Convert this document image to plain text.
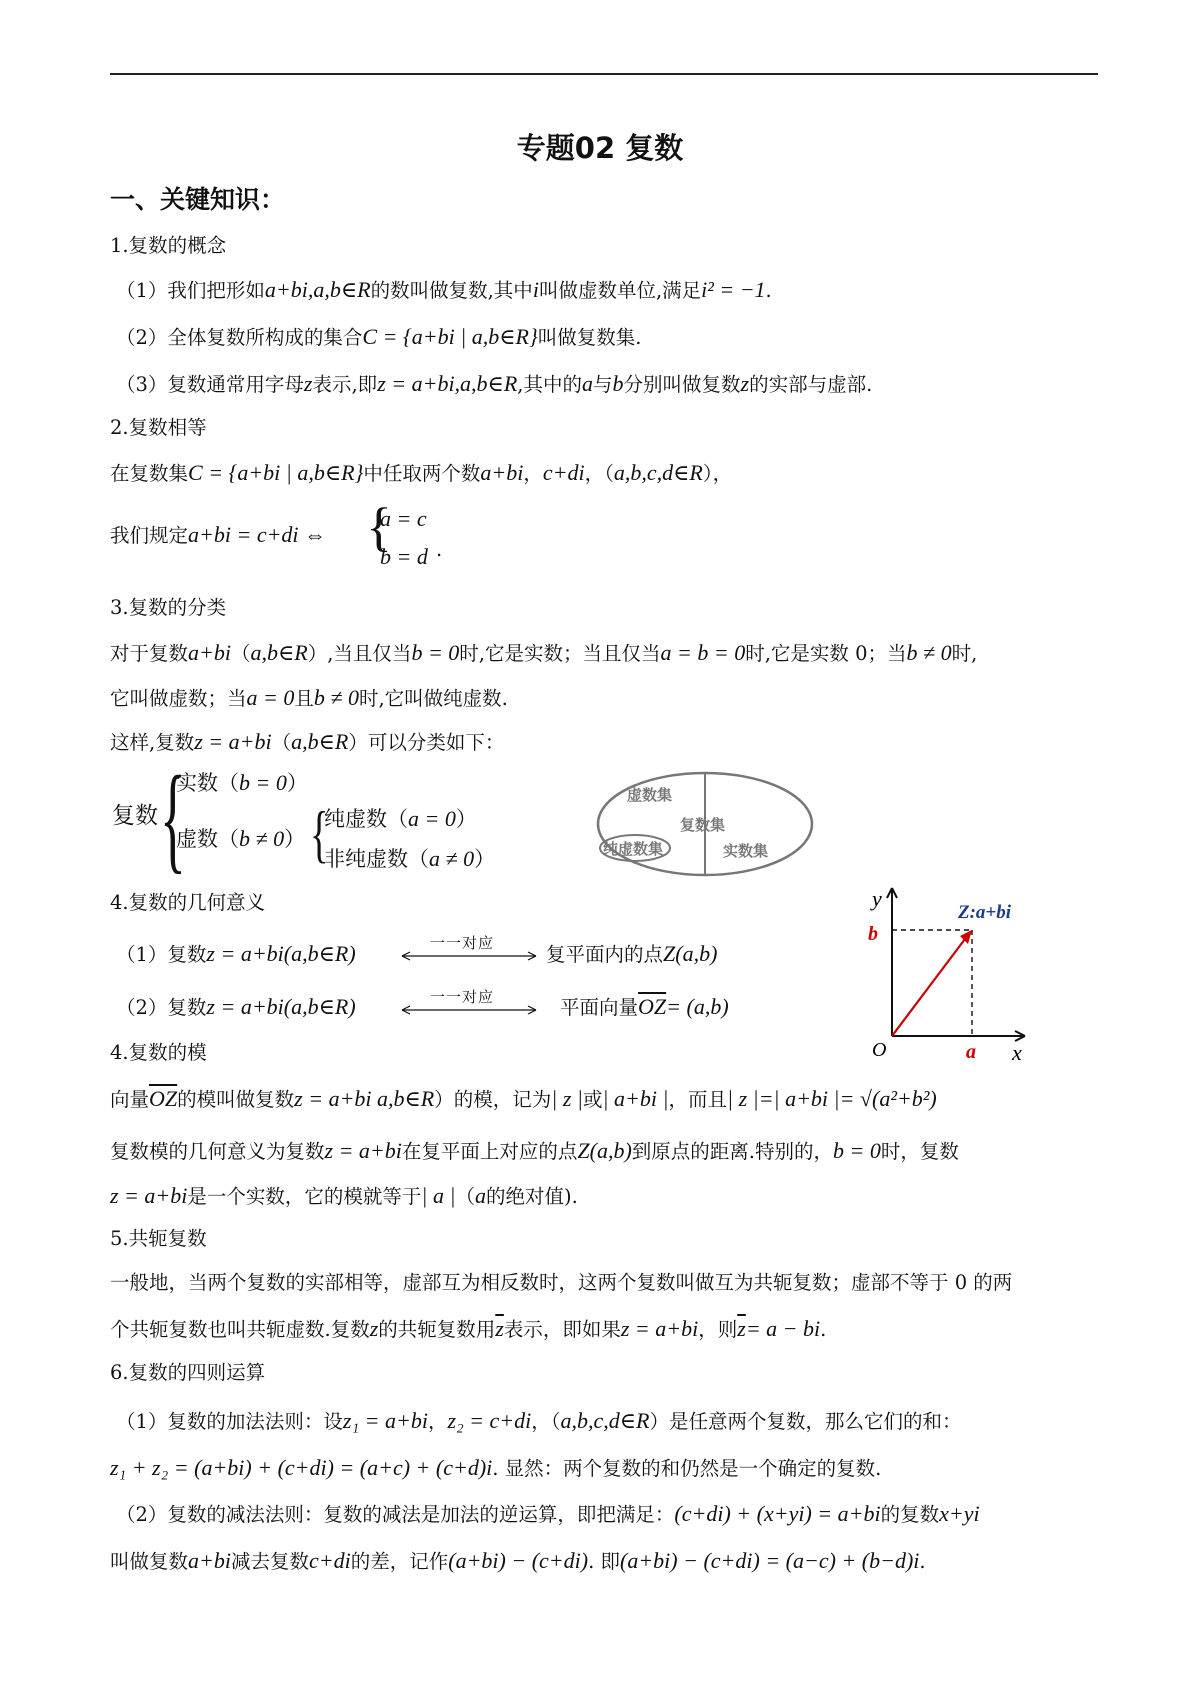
专题02 复数
一、关键知识：
1.复数的概念
（1）我们把形如a+bi,a,b∈R的数叫做复数,其中i叫做虚数单位,满足i² = −1.
（2）全体复数所构成的集合C = {a+bi | a,b∈R}叫做复数集.
（3）复数通常用字母z表示,即z = a+bi,a,b∈R,其中的a与b分别叫做复数z的实部与虚部.
2.复数相等
在复数集C = {a+bi | a,b∈R}中任取两个数a+bi，c+di，（a,b,c,d∈R），
我们规定a+bi = c+di ⇔ {
a = c
b = d .
3.复数的分类
对于复数a+bi（a,b∈R）,当且仅当b = 0时,它是实数；当且仅当a = b = 0时,它是实数 0；当b ≠ 0时,
它叫做虚数；当a = 0且b ≠ 0时,它叫做纯虚数.
这样,复数z = a+bi（a,b∈R）可以分类如下：
复数 {
实数（b = 0）
虚数（b ≠ 0） {
纯虚数（a = 0）
非纯虚数（a ≠ 0）
虚数集
复数集
纯虚数集	实数集
4.复数的几何意义
（1）复数z = a+bi(a,b∈R)	一一对应	复平面内的点Z(a,b)
（2）复数z = a+bi(a,b∈R)	一一对应	平面向量$\overline{OZ}= (a,b)$
y
x
O	a
b
Z:a+bi
4.复数的模
向量$\overline{OZ}$的模叫做复数z = a+bi a,b∈R）的模，记为| z |或| a+bi |，而且| z |=| a+bi |= √(a²+b²)
复数模的几何意义为复数z = a+bi在复平面上对应的点Z(a,b)到原点的距离.特别的，b = 0时，复数
z = a+bi是一个实数，它的模就等于| a |（a的绝对值).
5.共轭复数
一般地，当两个复数的实部相等，虚部互为相反数时，这两个复数叫做互为共轭复数；虚部不等于 0 的两
个共轭复数也叫共轭虚数.复数z的共轭复数用$\overline{z}$表示，即如果z = a+bi，则$\overline{z}= a$ − bi.
6.复数的四则运算
（1）复数的加法法则：设z₁ = a+bi，z₂ = c+di，（a,b,c,d∈R）是任意两个复数，那么它们的和：
z₁ + z₂ = (a+bi) + (c+di) = (a+c) + (c+d)i. 显然：两个复数的和仍然是一个确定的复数.
（2）复数的减法法则：复数的减法是加法的逆运算，即把满足：(c+di) + (x+yi) = a+bi的复数x+yi
叫做复数a+bi减去复数c+di的差，记作(a+bi) − (c+di). 即(a+bi) − (c+di) = (a−c) + (b−d)i.
